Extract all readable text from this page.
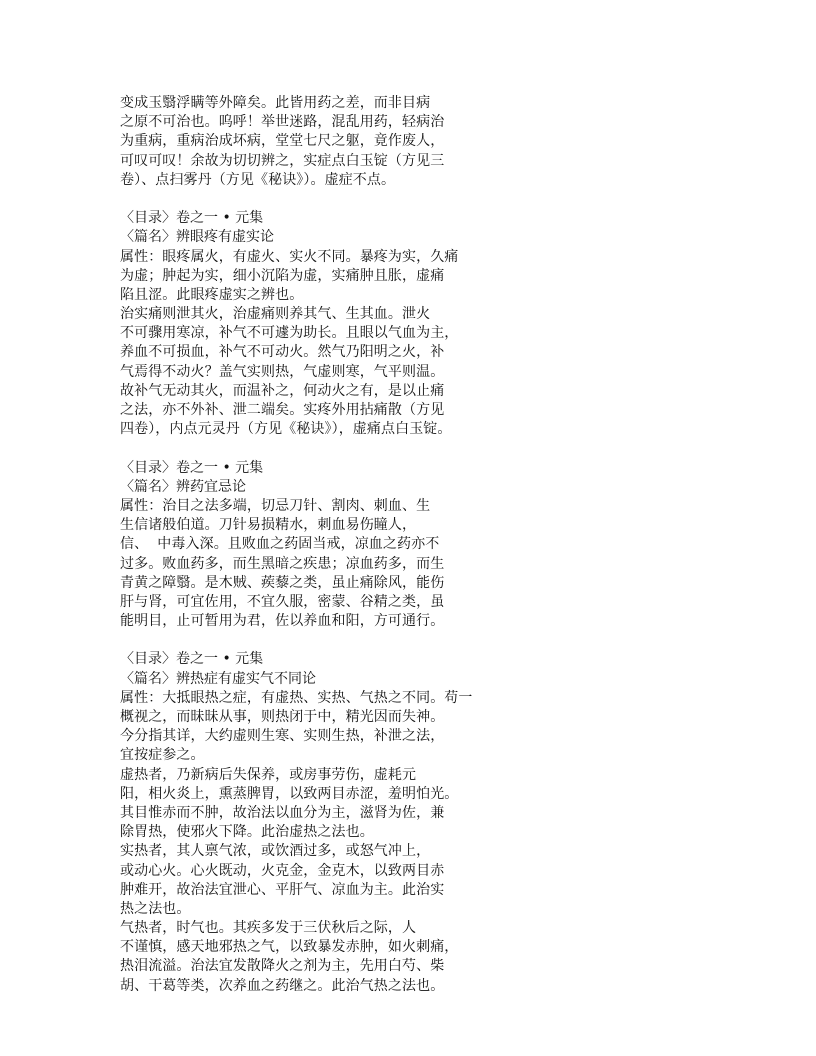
变成玉翳浮瞒等外障矣。此皆用药之差，而非目病
之原不可治也。呜呼！举世迷路，混乱用药，轻病治
为重病，重病治成坏病，堂堂七尺之躯，竟作废人，
可叹可叹！余故为切切辨之，实症点白玉锭（方见三
卷）、点扫雾丹（方见《秘诀》）。虚症不点。
〈目录〉卷之一 • 元集
〈篇名〉辨眼疼有虚实论
属性：眼疼属火，有虚火、实火不同。暴疼为实，久痛
为虚；肿起为实，细小沉陷为虚，实痛肿且胀，虚痛
陷且涩。此眼疼虚实之辨也。
治实痛则泄其火，治虚痛则养其气、生其血。泄火
不可骤用寒凉，补气不可遽为助长。且眼以气血为主，
养血不可损血，补气不可动火。然气乃阳明之火，补
气焉得不动火？盖气实则热，气虚则寒，气平则温。
故补气无动其火，而温补之，何动火之有，是以止痛
之法，亦不外补、泄二端矣。实疼外用拈痛散（方见
四卷），内点元灵丹（方见《秘诀》），虚痛点白玉锭。
〈目录〉卷之一 • 元集
〈篇名〉辨药宜忌论
属性：治目之法多端，切忌刀针、割肉、刺血、生
生信诸般伯道。刀针易损精水，刺血易伤瞳人，
信、  中毒入深。且败血之药固当戒，凉血之药亦不
过多。败血药多，而生黑暗之疾患；凉血药多，而生
青黄之障翳。是木贼、蒺藜之类，虽止痛除风，能伤
肝与肾，可宜佐用，不宜久服，密蒙、谷精之类，虽
能明目，止可暂用为君，佐以养血和阳，方可通行。
〈目录〉卷之一 • 元集
〈篇名〉辨热症有虚实气不同论
属性：大抵眼热之症，有虚热、实热、气热之不同。苟一
概视之，而昧昧从事，则热闭于中，精光因而失神。
今分指其详，大约虚则生寒、实则生热，补泄之法，
宜按症参之。
虚热者，乃新病后失保养，或房事劳伤，虚耗元
阳，相火炎上，熏蒸脾胃，以致两目赤涩，羞明怕光。
其目惟赤而不肿，故治法以血分为主，滋肾为佐，兼
除胃热，使邪火下降。此治虚热之法也。
实热者，其人禀气浓，或饮酒过多，或怒气冲上，
或动心火。心火既动，火克金，金克木，以致两目赤
肿难开，故治法宜泄心、平肝气、凉血为主。此治实
热之法也。
气热者，时气也。其疾多发于三伏秋后之际，人
不谨慎，感天地邪热之气，以致暴发赤肿，如火刺痛，
热泪流溢。治法宜发散降火之剂为主，先用白芍、柴
胡、干葛等类，次养血之药继之。此治气热之法也。
